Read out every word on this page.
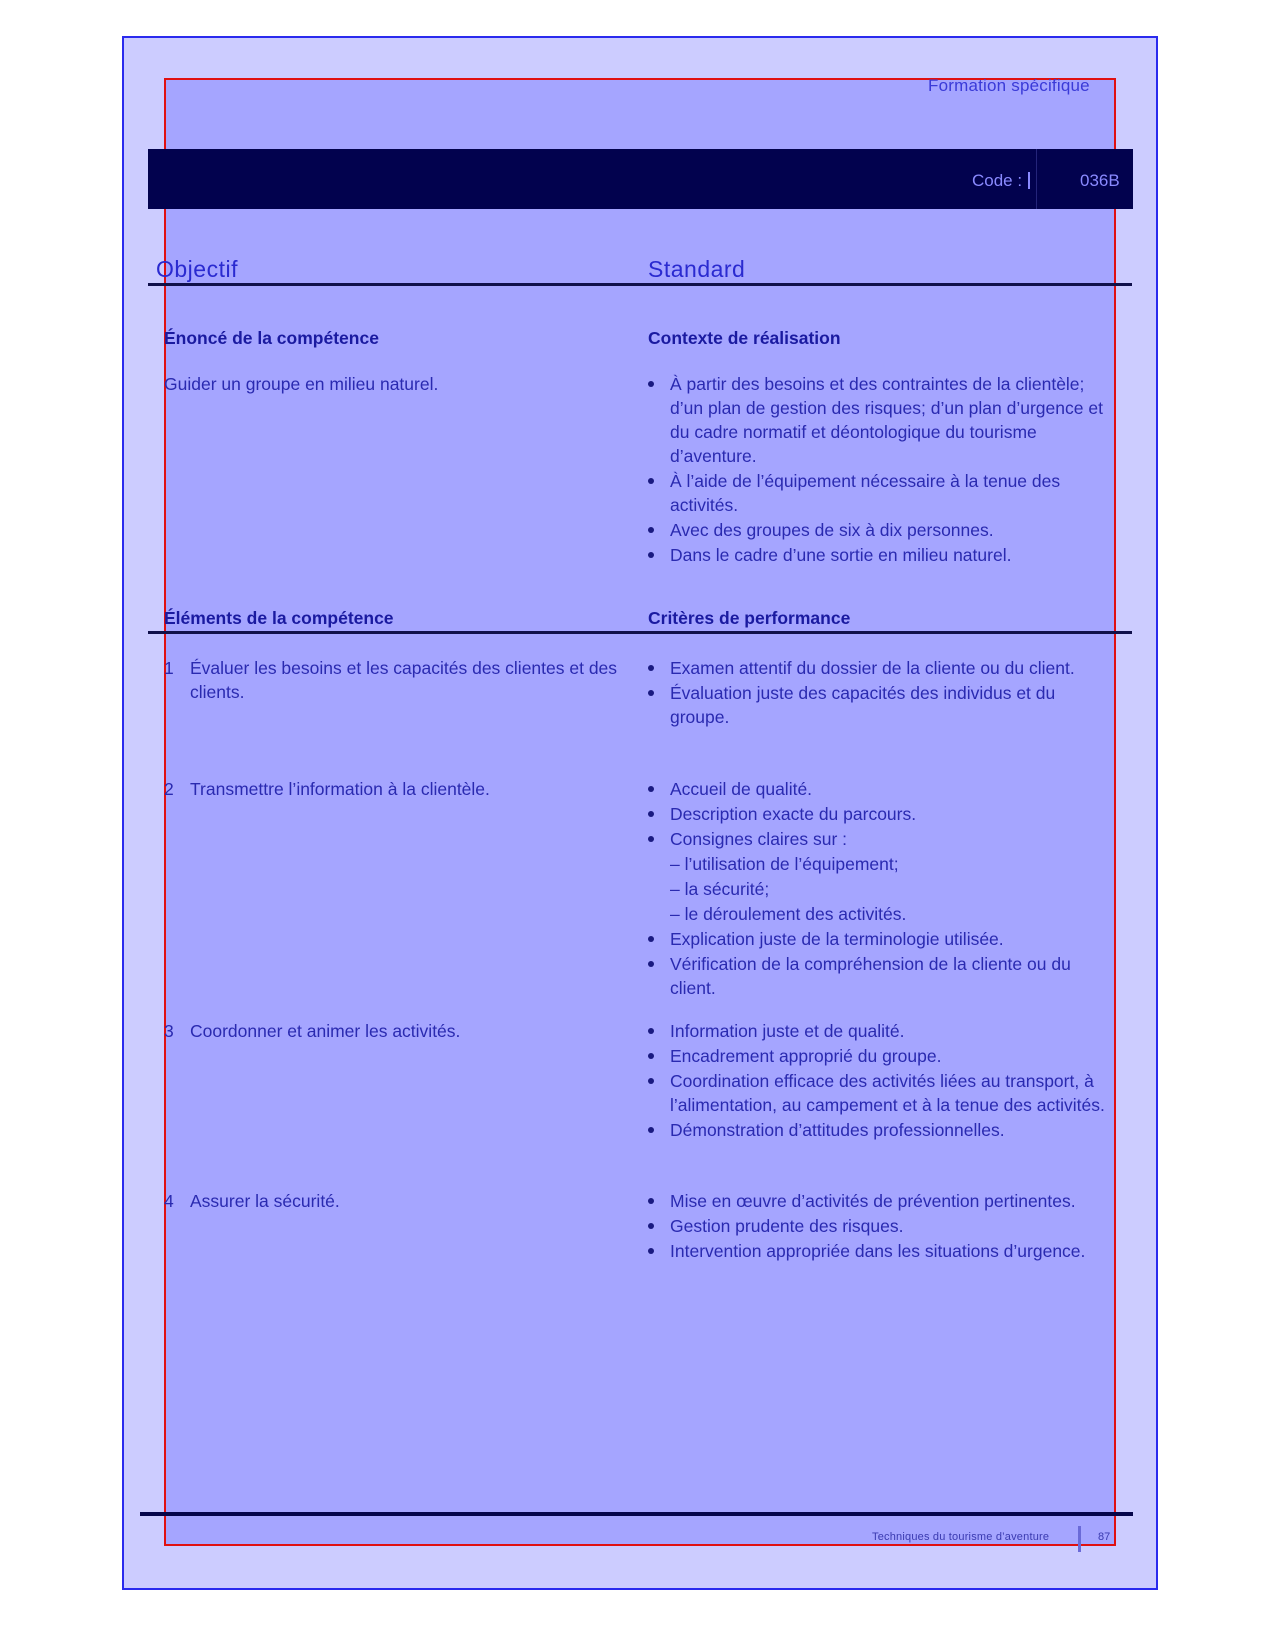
Formation spécifique
Code :	036B
Objectif	Standard
Énoncé de la compétence	Contexte de réalisation
Guider un groupe en milieu naturel.	À partir des besoins et des contraintes de la clientèle; d’un plan de gestion des risques; d’un plan d’urgence et du cadre normatif et déontologique du tourisme d’aventure.
À l’aide de l’équipement nécessaire à la tenue des activités.
Avec des groupes de six à dix personnes.
Dans le cadre d’une sortie en milieu naturel.
Éléments de la compétence	Critères de performance
1 Évaluer les besoins et les capacités des clientes et des clients.
Examen attentif du dossier de la cliente ou du client.
Évaluation juste des capacités des individus et du groupe.
2 Transmettre l’information à la clientèle.	Accueil de qualité.
Description exacte du parcours.
Consignes claires sur :
– l’utilisation de l’équipement;
– la sécurité;
– le déroulement des activités.
Explication juste de la terminologie utilisée.
Vérification de la compréhension de la cliente ou du client.
3 Coordonner et animer les activités.	Information juste et de qualité.
Encadrement approprié du groupe.
Coordination efficace des activités liées au transport, à l’alimentation, au campement et à la tenue des activités.
Démonstration d’attitudes professionnelles.
4 Assurer la sécurité.	Mise en œuvre d’activités de prévention pertinentes.
Gestion prudente des risques.
Intervention appropriée dans les situations d’urgence.
Techniques du tourisme d’aventure	87
